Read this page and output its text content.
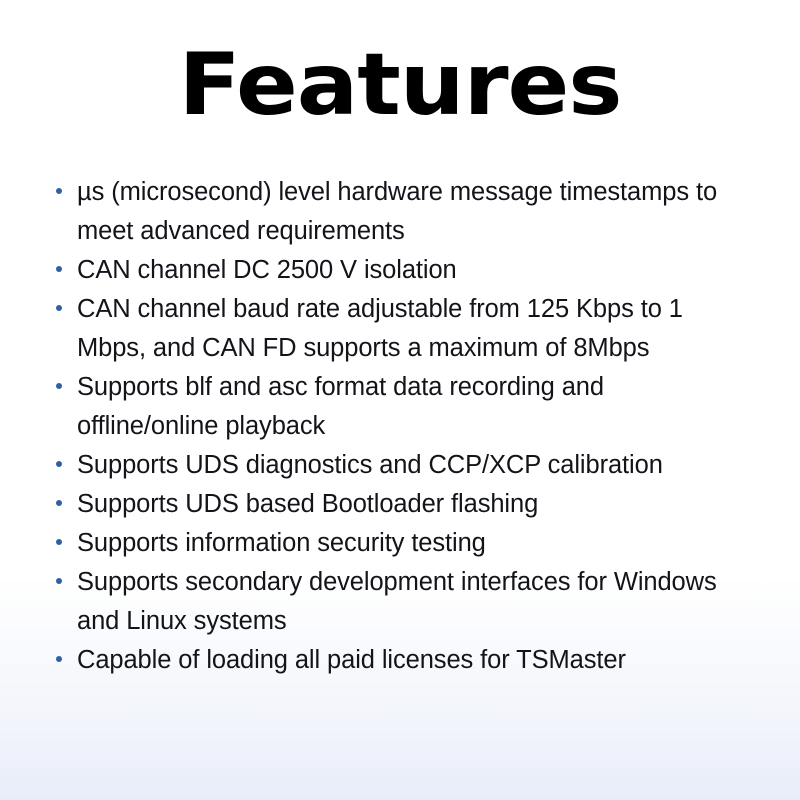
Features
µs (microsecond) level hardware message timestamps to meet advanced requirements
CAN channel DC 2500 V isolation
CAN channel baud rate adjustable from 125 Kbps to 1 Mbps, and CAN FD supports a maximum of 8Mbps
Supports blf and asc format data recording and offline/online playback
Supports UDS diagnostics and CCP/XCP calibration
Supports UDS based Bootloader flashing
Supports information security testing
Supports secondary development interfaces for Windows and Linux systems
Capable of loading all paid licenses for TSMaster
